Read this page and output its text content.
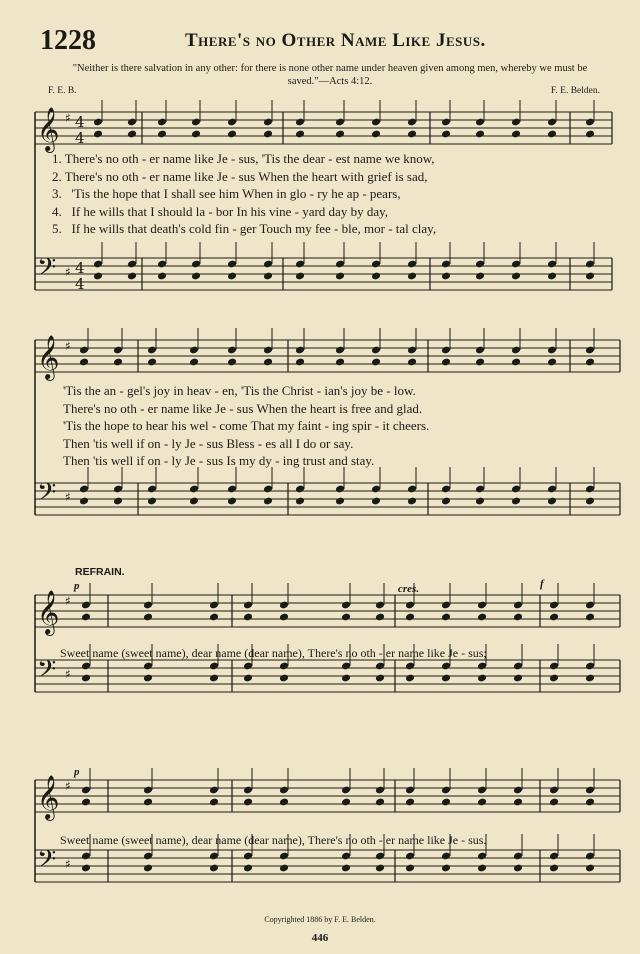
1228	There's no Other Name Like Jesus.
"Neither is there salvation in any other: for there is none other name under heaven given among men, whereby we must be saved."—Acts 4:12.
F. E. B.	F. E. Belden.
𝄞
𝄢
♯
♯
4
4
4
4
1. There's no oth - er name like Je - sus, 'Tis the dear - est name we know,
2. There's no oth - er name like Je - sus When the heart with grief is sad,
3.   'Tis the hope that I shall see him When in glo - ry he ap - pears,
4.   If he wills that I should la - bor In his vine - yard day by day,
5.   If he wills that death's cold fin - ger Touch my fee - ble, mor - tal clay,
𝄞
𝄢
♯
♯
'Tis the an - gel's joy in heav - en, 'Tis the Christ - ian's joy be - low.
There's no oth - er name like Je - sus When the heart is free and glad.
'Tis the hope to hear his wel - come That my faint - ing spir - it cheers.
Then 'tis well if on - ly Je - sus Bless - es all I do or say.
Then 'tis well if on - ly Je - sus Is my dy - ing trust and stay.
REFRAIN.
p	cres.	f
𝄞
𝄢
♯
♯
Sweet name (sweet name), dear name (dear name), There's no oth - er name like Je - sus;
p
𝄞
𝄢
♯
♯
Sweet name (sweet name), dear name (dear name), There's no oth - er name like Je - sus.
Copyrighted 1886 by F. E. Belden.
446
